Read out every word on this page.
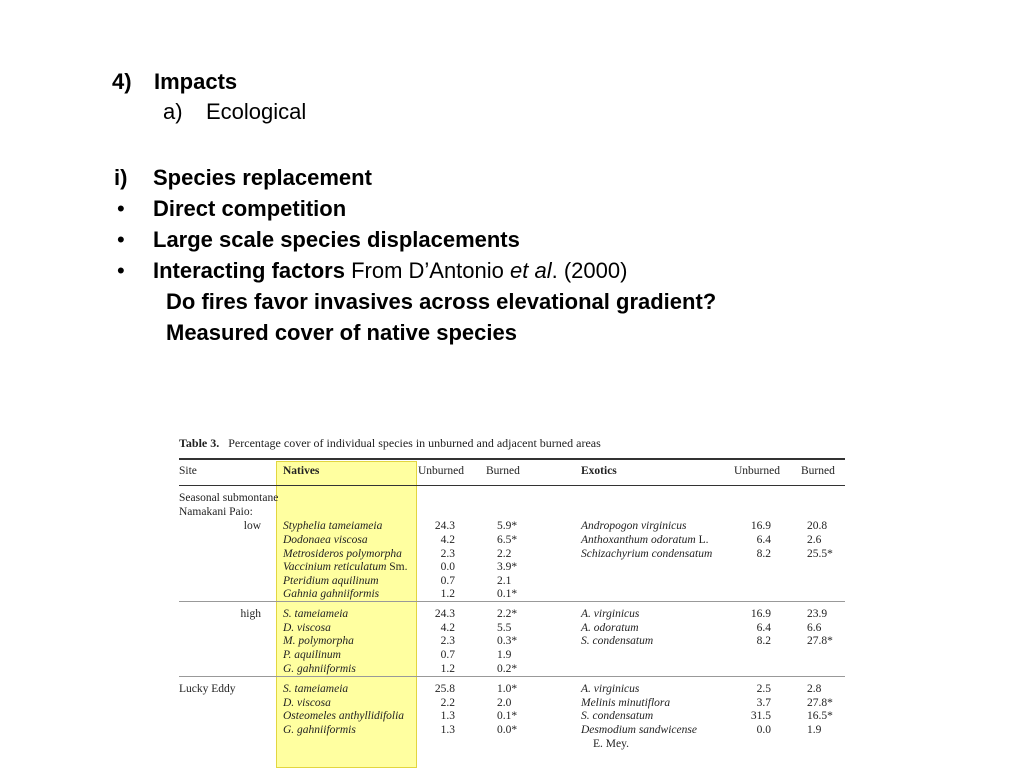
4) Impacts
a) Ecological
i) Species replacement
• Direct competition
• Large scale species displacements
• Interacting factors From D’Antonio et al. (2000)
Do fires favor invasives across elevational gradient?
Measured cover of native species
Table 3. Percentage cover of individual species in unburned and adjacent burned areas
Site	Natives	Unburned Burned	Exotics	Unburned Burned
Seasonal submontane
Namakani Paio:
low Styphelia tameiameia	24.3	5.9*	Andropogon virginicus	16.9	20.8
Dodonaea viscosa	4.2	6.5*	Anthoxanthum odoratum L.	6.4	2.6
Metrosideros polymorpha	2.3	2.2	Schizachyrium condensatum	8.2	25.5*
Vaccinium reticulatum Sm.	0.0	3.9*
Pteridium aquilinum	0.7	2.1
Gahnia gahniiformis	1.2	0.1*
high S. tameiameia	24.3	2.2*	A. virginicus	16.9	23.9
D. viscosa	4.2	5.5	A. odoratum	6.4	6.6
M. polymorpha	2.3	0.3*	S. condensatum	8.2	27.8*
P. aquilinum	0.7	1.9
G. gahniiformis	1.2	0.2*
Lucky Eddy	S. tameiameia	25.8	1.0*	A. virginicus	2.5	2.8
D. viscosa	2.2	2.0	Melinis minutiflora	3.7	27.8*
Osteomeles anthyllidifolia	1.3	0.1*	S. condensatum	31.5	16.5*
G. gahniiformis	1.3	0.0*	Desmodium sandwicense	0.0	1.9
E. Mey.
